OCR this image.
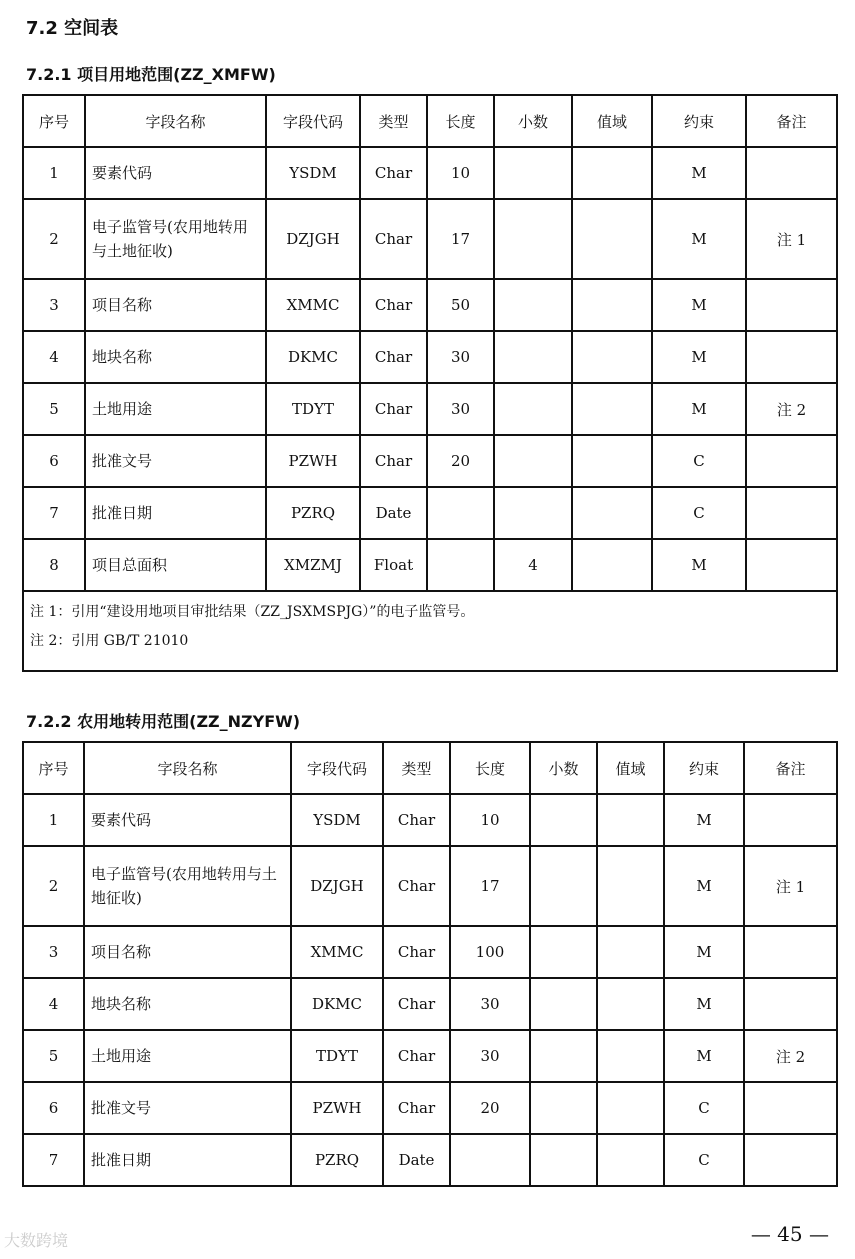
7.2 空间表
7.2.1 项目用地范围(ZZ_XMFW)
序号	字段名称	字段代码	类型	长度	小数	值域	约束	备注
1	要素代码	YSDM	Char	10			M	
2	电子监管号(农用地转用与土地征收)	DZJGH	Char	17			M	注 1
3	项目名称	XMMC	Char	50			M	
4	地块名称	DKMC	Char	30			M	
5	土地用途	TDYT	Char	30			M	注 2
6	批准文号	PZWH	Char	20			C	
7	批准日期	PZRQ	Date				C	
8	项目总面积	XMZMJ	Float		4		M	

注 1：引用“建设用地项目审批结果（ZZ_JSXMSPJG）”的电子监管号。
注 2：引用 GB/T 21010								
7.2.2 农用地转用范围(ZZ_NZYFW)
序号	字段名称	字段代码	类型	长度	小数	值域	约束	备注
1	要素代码	YSDM	Char	10			M	
2	电子监管号(农用地转用与土地征收)	DZJGH	Char	17			M	注 1
3	项目名称	XMMC	Char	100			M	
4	地块名称	DKMC	Char	30			M	
5	土地用途	TDYT	Char	30			M	注 2
6	批准文号	PZWH	Char	20			C	
7	批准日期	PZRQ	Date				C	
— 45 —
大数跨境
